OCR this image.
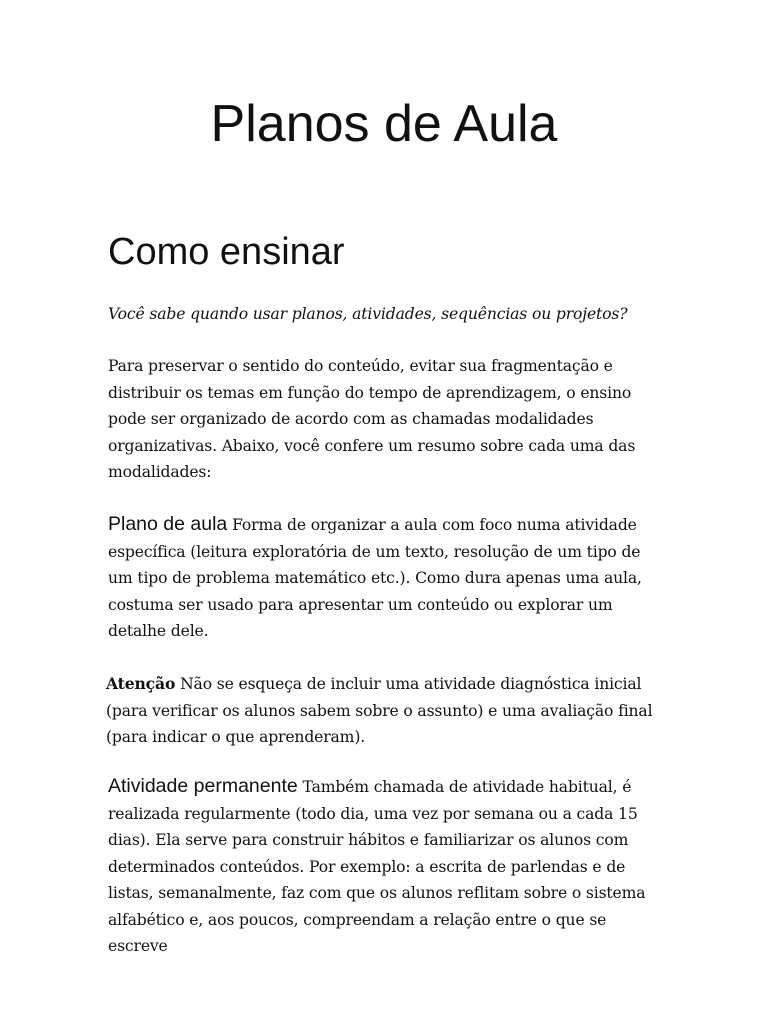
Planos de Aula
Como ensinar

Você sabe quando usar planos, atividades, sequências ou projetos?

Para preservar o sentido do conteúdo, evitar sua fragmentação e distribuir os temas em função do tempo de aprendizagem, o ensino pode ser organizado de acordo com as chamadas modalidades organizativas. Abaixo, você confere um resumo sobre cada uma das modalidades:

Plano de aula Forma de organizar a aula com foco numa atividade específica (leitura exploratória de um texto, resolução de um tipo de um tipo de problema matemático etc.). Como dura apenas uma aula, costuma ser usado para apresentar um conteúdo ou explorar um detalhe dele.

Atenção Não se esqueça de incluir uma atividade diagnóstica inicial (para verificar os alunos sabem sobre o assunto) e uma avaliação final (para indicar o que aprenderam).

Atividade permanente Também chamada de atividade habitual, é realizada regularmente (todo dia, uma vez por semana ou a cada 15 dias). Ela serve para construir hábitos e familiarizar os alunos com determinados conteúdos. Por exemplo: a escrita de parlendas e de listas, semanalmente, faz com que os alunos reflitam sobre o sistema alfabético e, aos poucos, compreendam a relação entre o que se escreve
